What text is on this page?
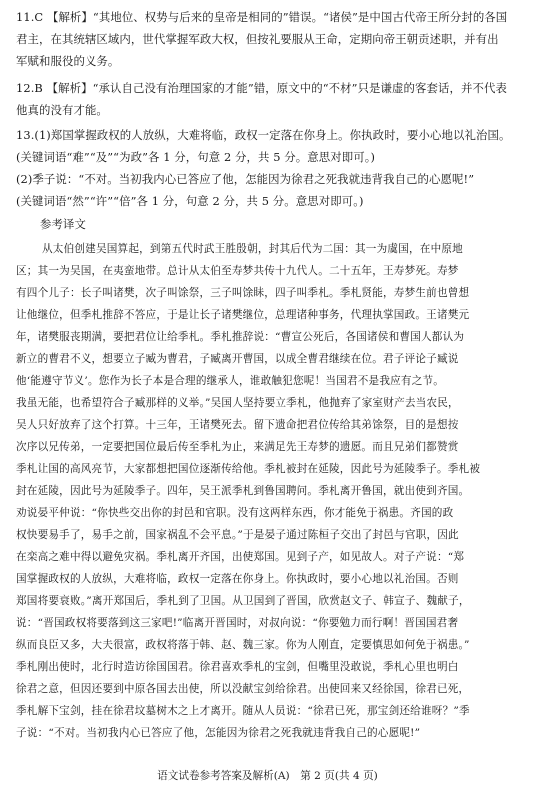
11.C 【解析】“其地位、权势与后来的皇帝是相同的”错误。“诸侯”是中国古代帝王所分封的各国
君主，在其统辖区域内，世代掌握军政大权，但按礼要服从王命，定期向帝王朝贡述职，并有出
军赋和服役的义务。
12.B 【解析】“承认自己没有治理国家的才能”错，原文中的“不材”只是谦虚的客套话，并不代表
他真的没有才能。
13.(1)郑国掌握政权的人放纵，大难将临，政权一定落在你身上。你执政时，要小心地以礼治国。
(关键词语“难”“及”“为政”各 1 分，句意 2 分，共 5 分。意思对即可。)
(2)季子说：“不对。当初我内心已答应了他，怎能因为徐君之死我就违背我自己的心愿呢!”
(关键词语“然”“许”“倍”各 1 分，句意 2 分，共 5 分。意思对即可。)
参考译文
从太伯创建吴国算起，到第五代时武王胜殷朝，封其后代为二国：其一为虞国，在中原地
区；其一为吴国，在夷蛮地带。总计从太伯至寿梦共传十九代人。二十五年，王寿梦死。寿梦
有四个儿子：长子叫诸樊，次子叫馀祭，三子叫馀眛，四子叫季札。季札贤能，寿梦生前也曾想
让他继位，但季札推辞不答应，于是让长子诸樊继位，总理诸种事务，代理执掌国政。王诸樊元
年，诸樊服丧期满，要把君位让给季札。季札推辞说：“曹宣公死后，各国诸侯和曹国人都认为
新立的曹君不义，想要立子臧为曹君，子臧离开曹国，以成全曹君继续在位。君子评论子臧说
他‘能遵守节义’。您作为长子本是合理的继承人，谁敢触犯您呢！当国君不是我应有之节。
我虽无能，也希望符合子臧那样的义举。”吴国人坚持要立季札，他抛弃了家室财产去当农民，
吴人只好放弃了这个打算。十三年，王诸樊死去。留下遗命把君位传给其弟馀祭，目的是想按
次序以兄传弟，一定要把国位最后传至季札为止，来满足先王寿梦的遗愿。而且兄弟们都赞赏
季札让国的高风亮节，大家都想把国位逐渐传给他。季札被封在延陵，因此号为延陵季子。季札被
封在延陵，因此号为延陵季子。四年，吴王派季札到鲁国聘问。季札离开鲁国，就出使到齐国。
劝说晏平仲说：“你快些交出你的封邑和官职。没有这两样东西，你才能免于祸患。齐国的政
权快要易手了，易手之前，国家祸乱不会平息。”于是晏子通过陈桓子交出了封邑与官职，因此
在栾高之难中得以避免灾祸。季札离开齐国，出使郑国。见到子产，如见故人。对子产说：“郑
国掌握政权的人放纵，大难将临，政权一定落在你身上。你执政时，要小心地以礼治国。否则
郑国将要衰败。”离开郑国后，季札到了卫国。从卫国到了晋国，欣赏赵文子、韩宣子、魏献子，
说：“晋国政权将要落到这三家吧!”临离开晋国时，对叔向说：“你要勉力而行啊！晋国国君奢
纵而良臣又多，大夫很富，政权将落于韩、赵、魏三家。你为人刚直，定要慎思如何免于祸患。”
季札刚出使时，北行时造访徐国国君。徐君喜欢季札的宝剑，但嘴里没敢说，季札心里也明白
徐君之意，但因还要到中原各国去出使，所以没献宝剑给徐君。出使回来又经徐国，徐君已死，
季札解下宝剑，挂在徐君坟墓树木之上才离开。随从人员说：“徐君已死，那宝剑还给谁呀？”季
子说：“不对。当初我内心已答应了他，怎能因为徐君之死我就违背我自己的心愿呢!”
语文试卷参考答案及解析(A)　第 2 页(共 4 页)
